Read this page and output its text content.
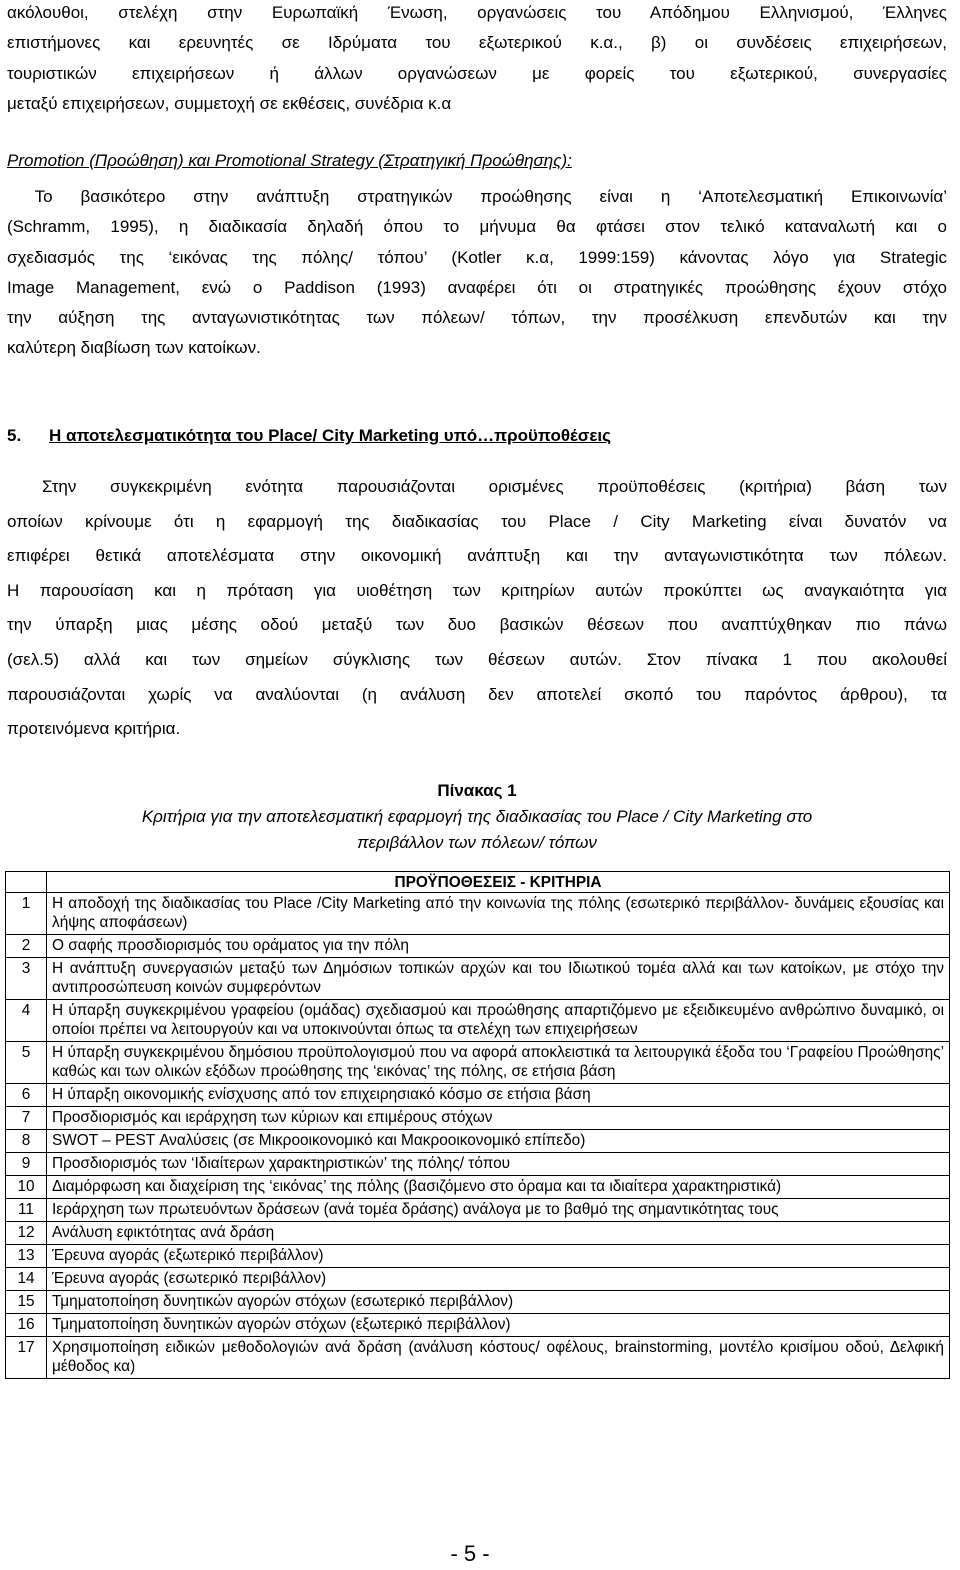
ακόλουθοι, στελέχη στην Ευρωπαϊκή Ένωση, οργανώσεις του Απόδημου Ελληνισμού, Έλληνες

επιστήμονες και ερευνητές σε Ιδρύματα του εξωτερικού κ.α., β) οι συνδέσεις επιχειρήσεων,

τουριστικών επιχειρήσεων ή άλλων οργανώσεων με φορείς του εξωτερικού, συνεργασίες

μεταξύ επιχειρήσεων, συμμετοχή σε εκθέσεις, συνέδρια κ.α

Promotion (Προώθηση) και Promotional Strategy (Στρατηγική Προώθησης):

Το βασικότερο στην ανάπτυξη στρατηγικών προώθησης είναι η ‘Αποτελεσματική Επικοινωνία’

(Schramm, 1995), η διαδικασία δηλαδή όπου το μήνυμα θα φτάσει στον τελικό καταναλωτή και ο

σχεδιασμός της ‘εικόνας της πόλης/ τόπου’ (Kotler κ.α, 1999:159) κάνοντας λόγο για Strategic

Image Management, ενώ ο Paddison (1993) αναφέρει ότι οι στρατηγικές προώθησης έχουν στόχο

την αύξηση της ανταγωνιστικότητας των πόλεων/ τόπων, την προσέλκυση επενδυτών και την

καλύτερη διαβίωση των κατοίκων.

5. Η αποτελεσματικότητα του Place/ City Marketing υπό…προϋποθέσεις

Στην συγκεκριμένη ενότητα παρουσιάζονται ορισμένες προϋποθέσεις (κριτήρια) βάση των

οποίων κρίνουμε ότι η εφαρμογή της διαδικασίας του Place / City Marketing είναι δυνατόν να

επιφέρει θετικά αποτελέσματα στην οικονομική ανάπτυξη και την ανταγωνιστικότητα των πόλεων.

Η παρουσίαση και η πρόταση για υιοθέτηση των κριτηρίων αυτών προκύπτει ως αναγκαιότητα για

την ύπαρξη μιας μέσης οδού μεταξύ των δυο βασικών θέσεων που αναπτύχθηκαν πιο πάνω

(σελ.5) αλλά και των σημείων σύγκλισης των θέσεων αυτών. Στον πίνακα 1 που ακολουθεί

παρουσιάζονται χωρίς να αναλύονται (η ανάλυση δεν αποτελεί σκοπό του παρόντος άρθρου), τα

προτεινόμενα κριτήρια.

Πίνακας 1
Κριτήρια για την αποτελεσματική εφαρμογή της διαδικασίας του Place / City Marketing στο
περιβάλλον των πόλεων/ τόπων
	ΠΡΟΫΠΟΘΕΣΕΙΣ - ΚΡΙΤΗΡΙΑ
1	Η αποδοχή της διαδικασίας του Place /City Marketing από την κοινωνία της πόλης (εσωτερικό περιβάλλον- δυνάμεις εξουσίας και λήψης αποφάσεων)
2	Ο σαφής προσδιορισμός του οράματος για την πόλη
3	Η ανάπτυξη συνεργασιών μεταξύ των Δημόσιων τοπικών αρχών και του Ιδιωτικού τομέα αλλά και των κατοίκων, με στόχο την αντιπροσώπευση κοινών συμφερόντων
4	Η ύπαρξη συγκεκριμένου γραφείου (ομάδας) σχεδιασμού και προώθησης απαρτιζόμενο με εξειδικευμένο ανθρώπινο δυναμικό, οι οποίοι πρέπει να λειτουργούν και να υποκινούνται όπως τα στελέχη των επιχειρήσεων
5	Η ύπαρξη συγκεκριμένου δημόσιου προϋπολογισμού που να αφορά αποκλειστικά τα λειτουργικά έξοδα του ‘Γραφείου Προώθησης’ καθώς και των ολικών εξόδων προώθησης της ‘εικόνας’ της πόλης, σε ετήσια βάση
6	Η ύπαρξη οικονομικής ενίσχυσης από τον επιχειρησιακό κόσμο σε ετήσια βάση
7	Προσδιορισμός και ιεράρχηση των κύριων και επιμέρους στόχων
8	SWOT – PEST Αναλύσεις (σε Μικροοικονομικό και Μακροοικονομικό επίπεδο)
9	Προσδιορισμός των ‘Ιδιαίτερων χαρακτηριστικών’ της πόλης/ τόπου
10	Διαμόρφωση και διαχείριση της ‘εικόνας’ της πόλης (βασιζόμενο στο όραμα και τα ιδιαίτερα χαρακτηριστικά)
11	Ιεράρχηση των πρωτευόντων δράσεων (ανά τομέα δράσης) ανάλογα με το βαθμό της σημαντικότητας τους
12	Ανάλυση εφικτότητας ανά δράση
13	Έρευνα αγοράς (εξωτερικό περιβάλλον)
14	Έρευνα αγοράς (εσωτερικό περιβάλλον)
15	Τμηματοποίηση δυνητικών αγορών στόχων (εσωτερικό περιβάλλον)
16	Τμηματοποίηση δυνητικών αγορών στόχων (εξωτερικό περιβάλλον)
17	Χρησιμοποίηση ειδικών μεθοδολογιών ανά δράση (ανάλυση κόστους/ οφέλους, brainstorming, μοντέλο κρισίμου οδού, Δελφική μέθοδος κα)
- 5 -
